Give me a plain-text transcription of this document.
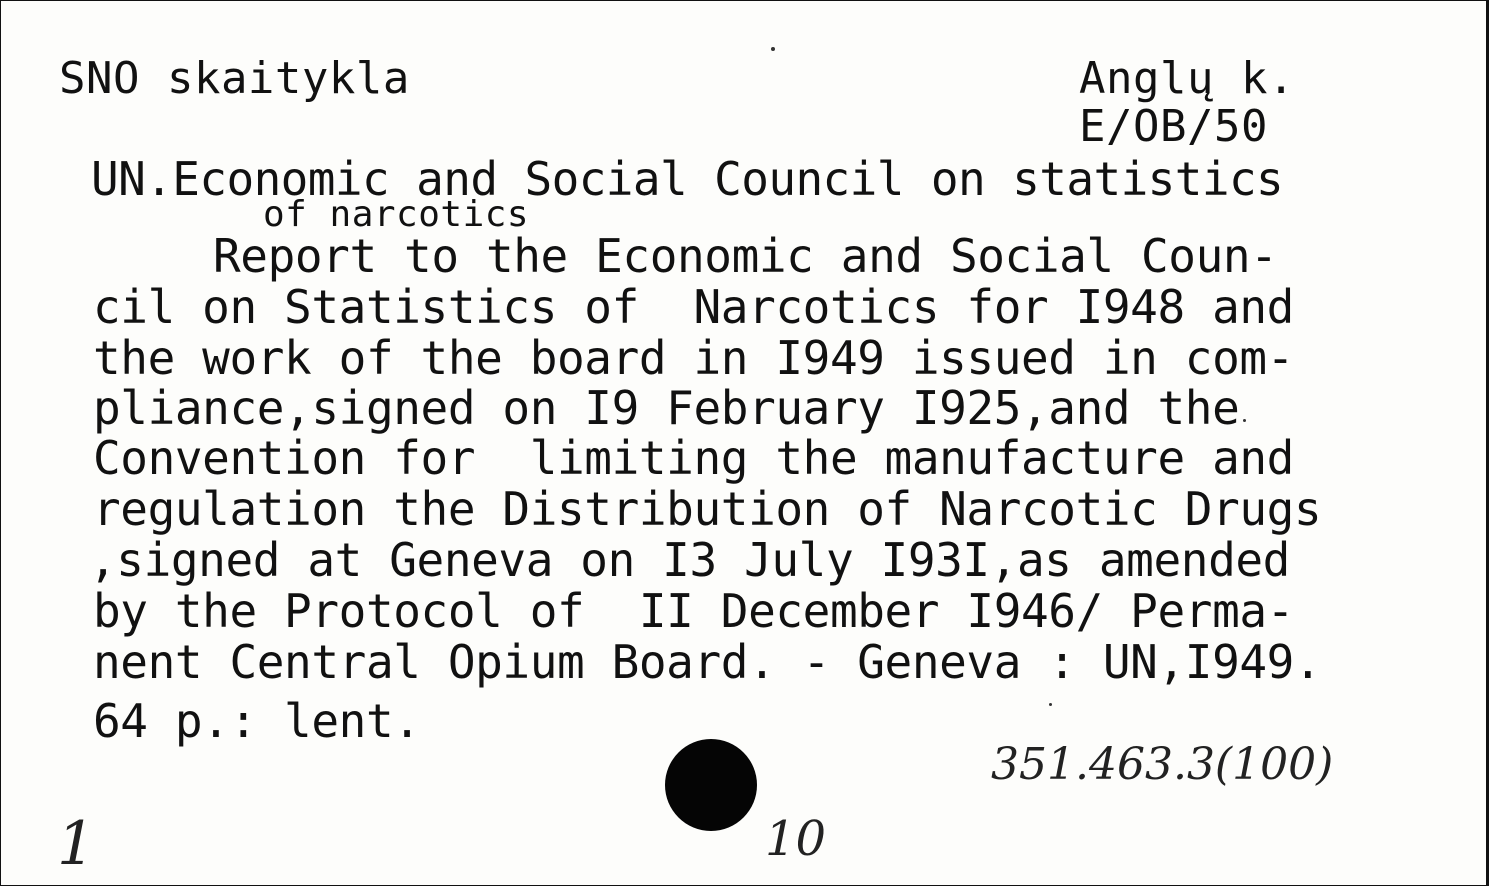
SNO skaitykla	Anglų k.
E/OB/50
UN.Economic and Social Council on statistics
of narcotics
Report to the Economic and Social Coun-
cil on Statistics of  Narcotics for I948 and
the work of the board in I949 issued in com-
pliance,signed on I9 February I925,and the
Convention for  limiting the manufacture and
regulation the Distribution of Narcotic Drugs
,signed at Geneva on I3 July I93I,as amended
by the Protocol of  II December I946/ Perma-
nent Central Opium Board. - Geneva : UN,I949.
64 p.: lent.
351.463.3(100)
10
1
